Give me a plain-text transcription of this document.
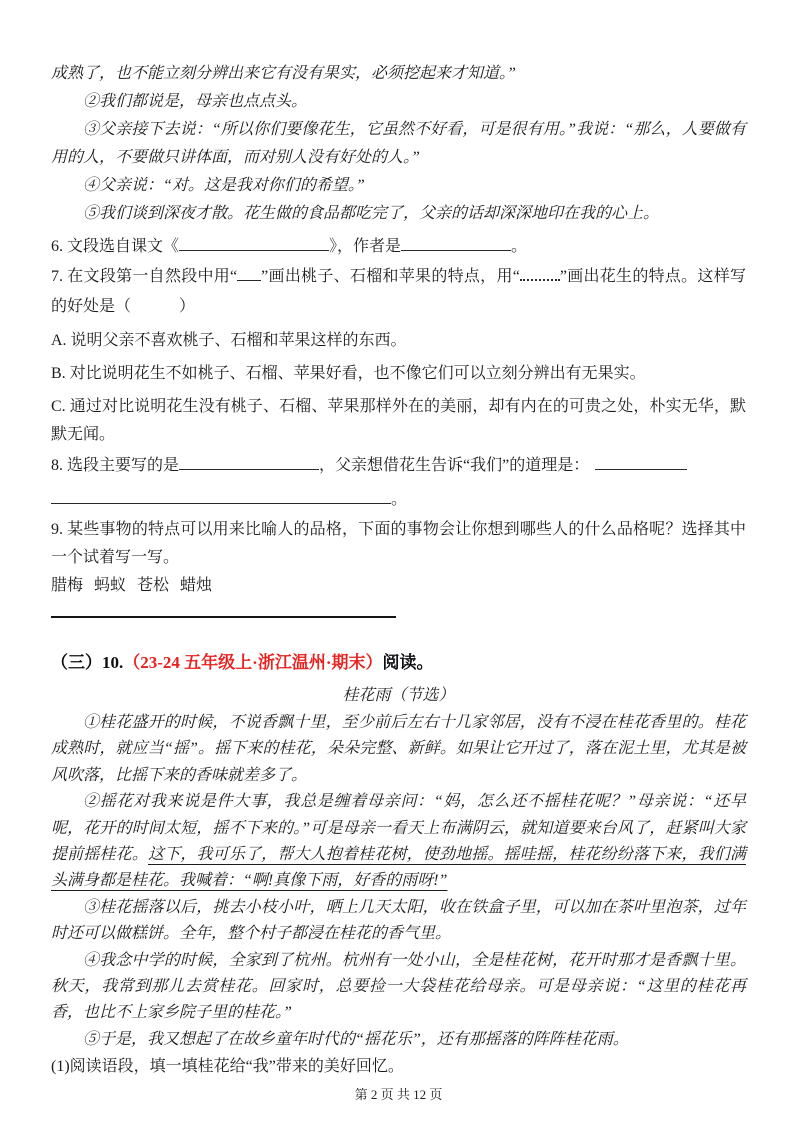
成熟了，也不能立刻分辨出来它有没有果实，必须挖起来才知道。”

②我们都说是，母亲也点点头。

③父亲接下去说：“所以你们要像花生，它虽然不好看，可是很有用。”我说：“那么，人要做有用的人，不要做只讲体面，而对别人没有好处的人。”

④父亲说：“对。这是我对你们的希望。”

⑤我们谈到深夜才散。花生做的食品都吃完了，父亲的话却深深地印在我的心上。

6. 文段选自课文《	》，作者是	。

7. 在文段第一自然段中用“ ”画出桃子、石榴和苹果的特点，用“	”画出花生的特点。这样写的好处是（　　　）

A. 说明父亲不喜欢桃子、石榴和苹果这样的东西。

B. 对比说明花生不如桃子、石榴、苹果好看，也不像它们可以立刻分辨出有无果实。

C. 通过对比说明花生没有桃子、石榴、苹果那样外在的美丽，却有内在的可贵之处，朴实无华，默默无闻。

8. 选段主要写的是	，父亲想借花生告诉“我们”的道理是：

。

9. 某些事物的特点可以用来比喻人的品格，下面的事物会让你想到哪些人的什么品格呢？选择其中一个试着写一写。

腊梅 蚂蚁 苍松 蜡烛

（三）10.（23-24 五年级上·浙江温州·期末）阅读。

桂花雨（节选）

①桂花盛开的时候，不说香飘十里，至少前后左右十几家邻居，没有不浸在桂花香里的。桂花成熟时，就应当“摇”。摇下来的桂花，朵朵完整、新鲜。如果让它开过了，落在泥土里，尤其是被风吹落，比摇下来的香味就差多了。

②摇花对我来说是件大事，我总是缠着母亲问：“妈，怎么还不摇桂花呢？”母亲说：“还早呢，花开的时间太短，摇不下来的。”可是母亲一看天上布满阴云，就知道要来台风了，赶紧叫大家提前摇桂花。这下，我可乐了，帮大人抱着桂花树，使劲地摇。摇哇摇，桂花纷纷落下来，我们满头满身都是桂花。我喊着：“啊!真像下雨，好香的雨呀!”

③桂花摇落以后，挑去小枝小叶，晒上几天太阳，收在铁盒子里，可以加在茶叶里泡茶，过年时还可以做糕饼。全年，整个村子都浸在桂花的香气里。

④我念中学的时候，全家到了杭州。杭州有一处小山，全是桂花树，花开时那才是香飘十里。秋天，我常到那儿去赏桂花。回家时，总要捡一大袋桂花给母亲。可是母亲说：“这里的桂花再香，也比不上家乡院子里的桂花。”

⑤于是，我又想起了在故乡童年时代的“摇花乐”，还有那摇落的阵阵桂花雨。

(1)阅读语段，填一填桂花给“我”带来的美好回忆。

第 2 页 共 12 页
